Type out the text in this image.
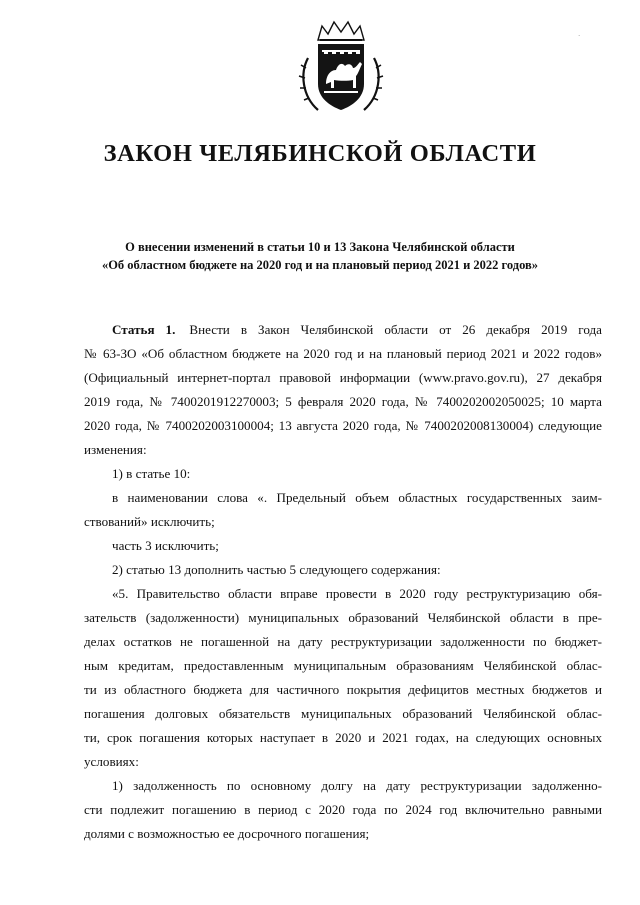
ˊ
ЗАКОН ЧЕЛЯБИНСКОЙ ОБЛАСТИ
О внесении изменений в статьи 10 и 13 Закона Челябинской области
«Об областном бюджете на 2020 год и на плановый период 2021 и 2022 годов»
Статья 1. Внести в Закон Челябинской области от 26 декабря 2019 года
№ 63-ЗО «Об областном бюджете на 2020 год и на плановый период 2021 и 2022 годов»
(Официальный интернет-портал правовой информации (www.pravo.gov.ru), 27 декабря
2019 года, № 7400201912270003; 5 февраля 2020 года, № 7400202002050025; 10 марта
2020 года, № 7400202003100004; 13 августа 2020 года, № 7400202008130004) следующие
изменения:
1) в статье 10:
в наименовании слова «. Предельный объем областных государственных заим-
ствований» исключить;
часть 3 исключить;
2) статью 13 дополнить частью 5 следующего содержания:
«5. Правительство области вправе провести в 2020 году реструктуризацию обя-
зательств (задолженности) муниципальных образований Челябинской области в пре-
делах остатков не погашенной на дату реструктуризации задолженности по бюджет-
ным кредитам, предоставленным муниципальным образованиям Челябинской облас-
ти из областного бюджета для частичного покрытия дефицитов местных бюджетов и
погашения долговых обязательств муниципальных образований Челябинской облас-
ти, срок погашения которых наступает в 2020 и 2021 годах, на следующих основных
условиях:
1) задолженность по основному долгу на дату реструктуризации задолженно-
сти подлежит погашению в период с 2020 года по 2024 год включительно равными
долями с возможностью ее досрочного погашения;
